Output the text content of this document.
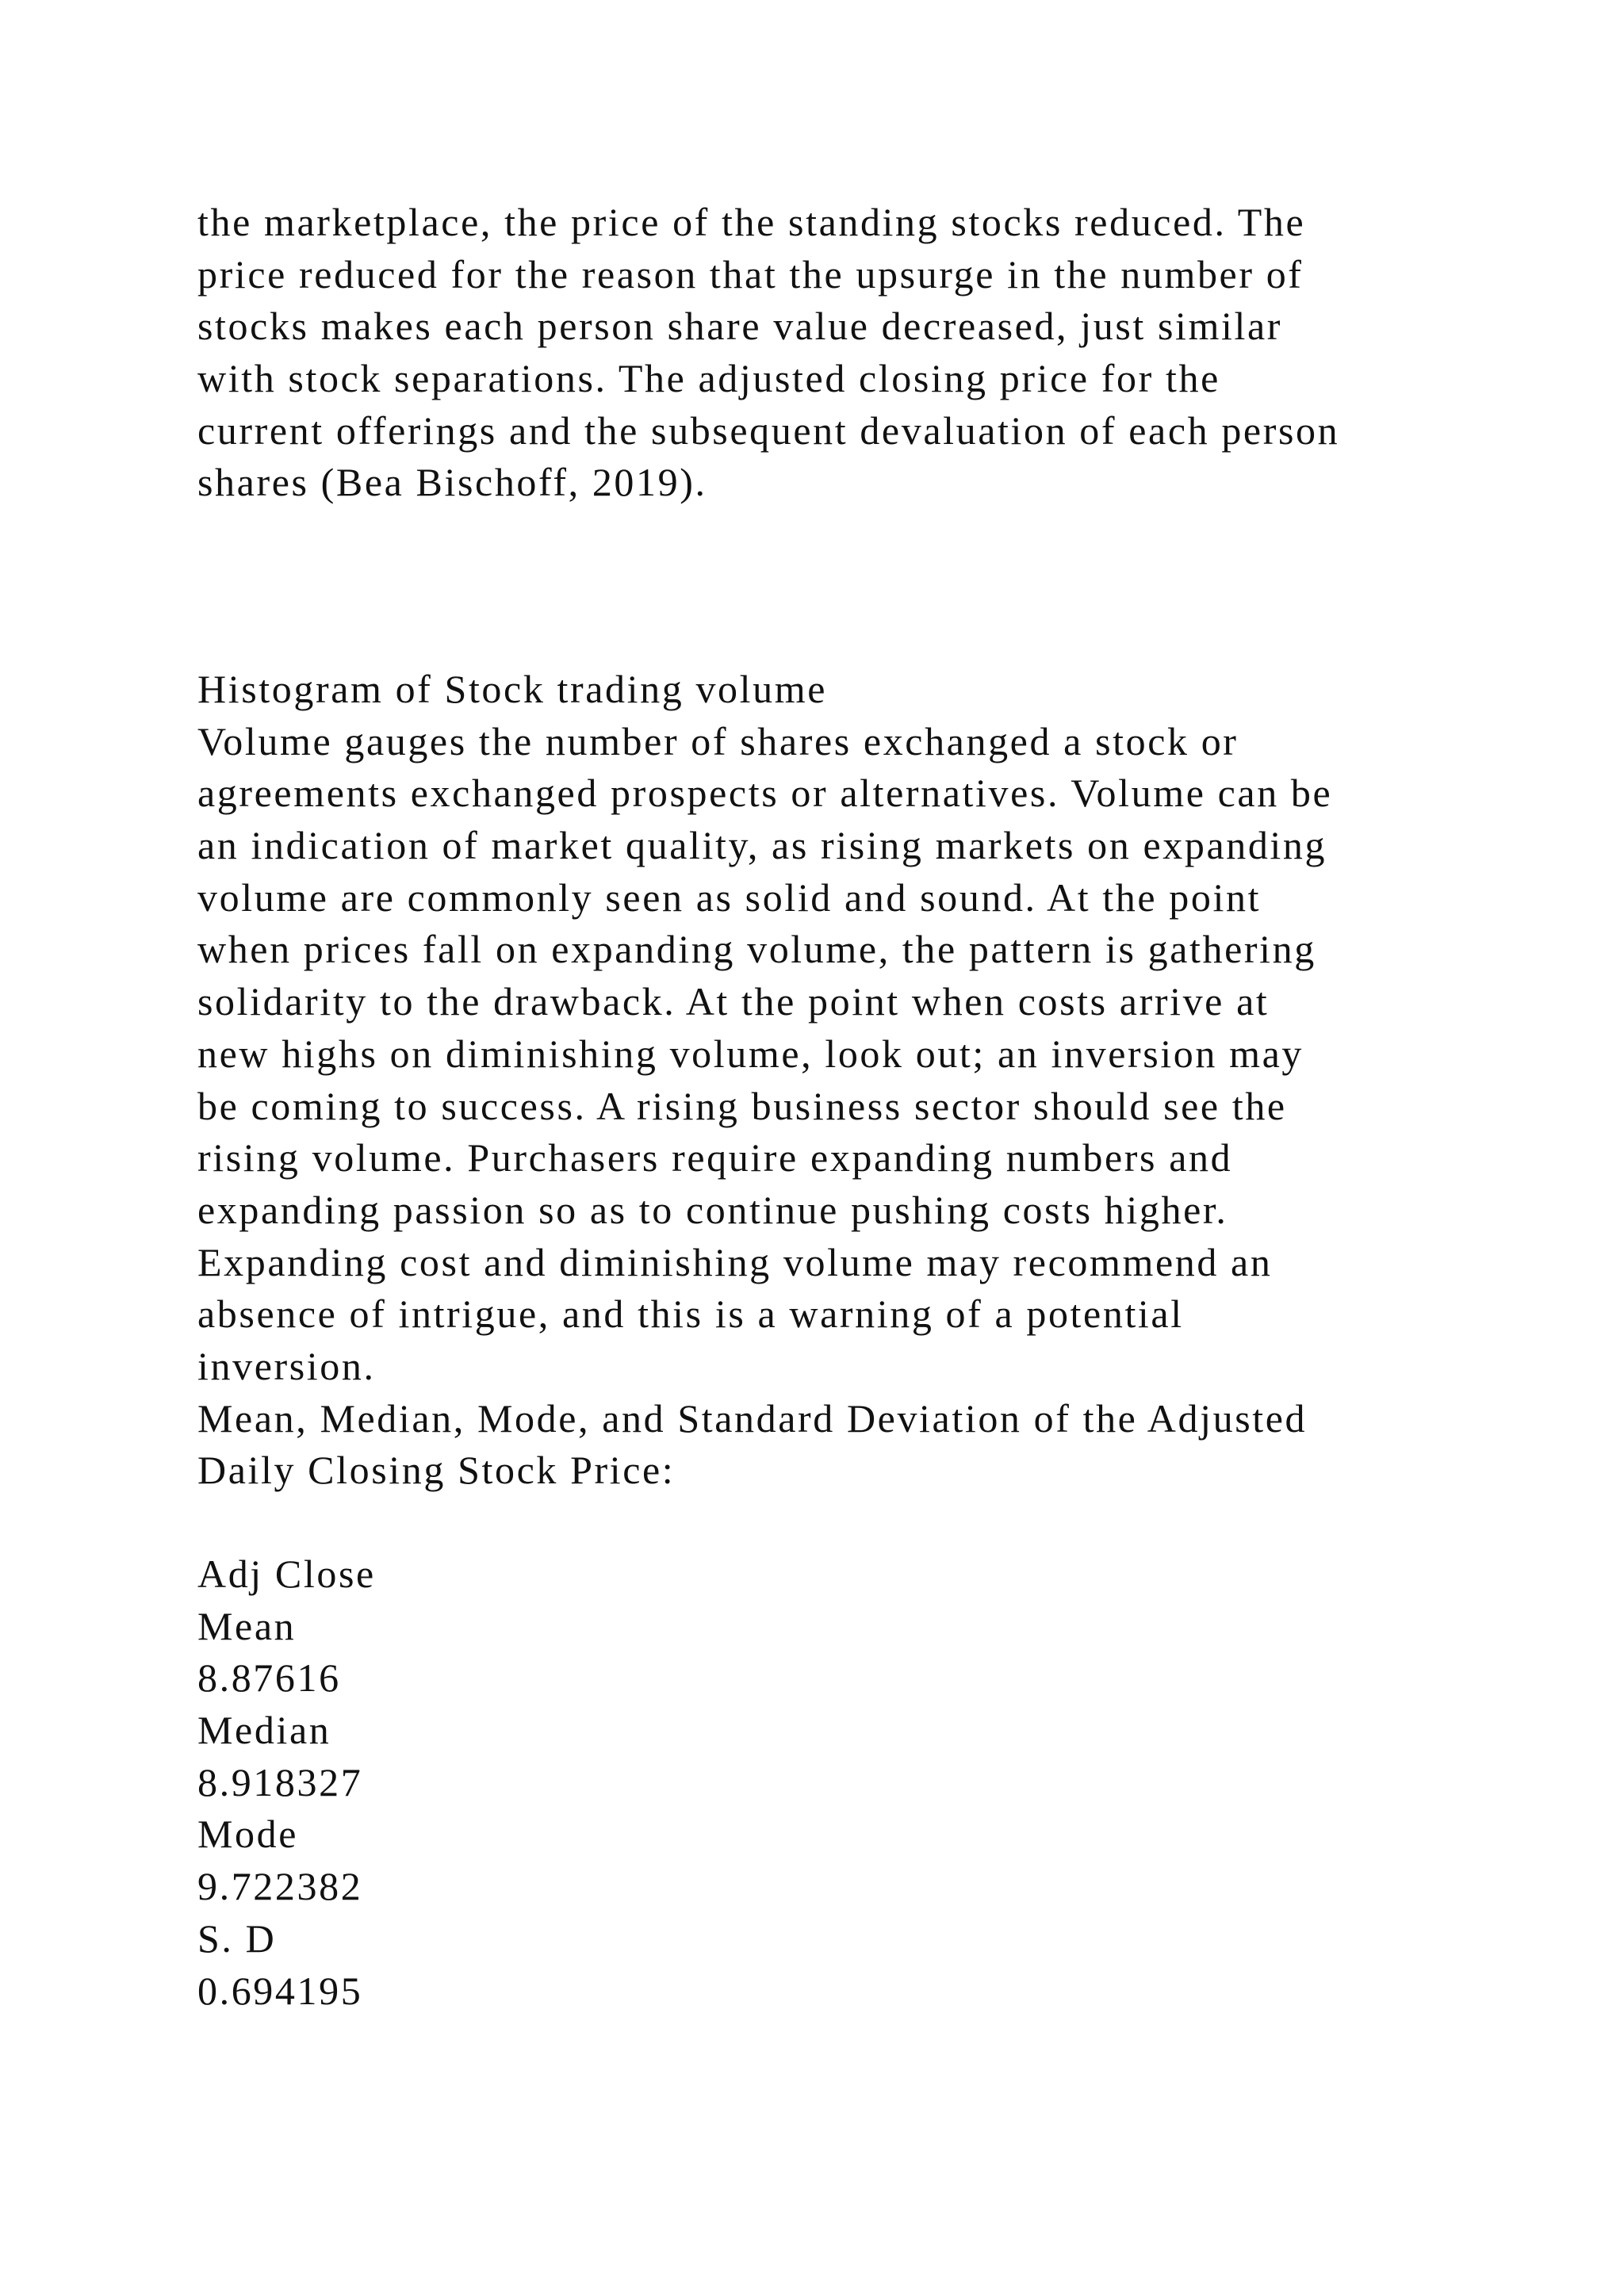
the marketplace, the price of the standing stocks reduced. The
price reduced for the reason that the upsurge in the number of
stocks makes each person share value decreased, just similar
with stock separations. The adjusted closing price for the
current offerings and the subsequent devaluation of each person
shares (Bea Bischoff, 2019).
Histogram of Stock trading volume
Volume gauges the number of shares exchanged a stock or
agreements exchanged prospects or alternatives. Volume can be
an indication of market quality, as rising markets on expanding
volume are commonly seen as solid and sound. At the point
when prices fall on expanding volume, the pattern is gathering
solidarity to the drawback. At the point when costs arrive at
new highs on diminishing volume, look out; an inversion may
be coming to success. A rising business sector should see the
rising volume. Purchasers require expanding numbers and
expanding passion so as to continue pushing costs higher.
Expanding cost and diminishing volume may recommend an
absence of intrigue, and this is a warning of a potential
inversion.
Mean, Median, Mode, and Standard Deviation of the Adjusted
Daily Closing Stock Price:
Adj Close
Mean
8.87616
Median
8.918327
Mode
9.722382
S. D
0.694195
